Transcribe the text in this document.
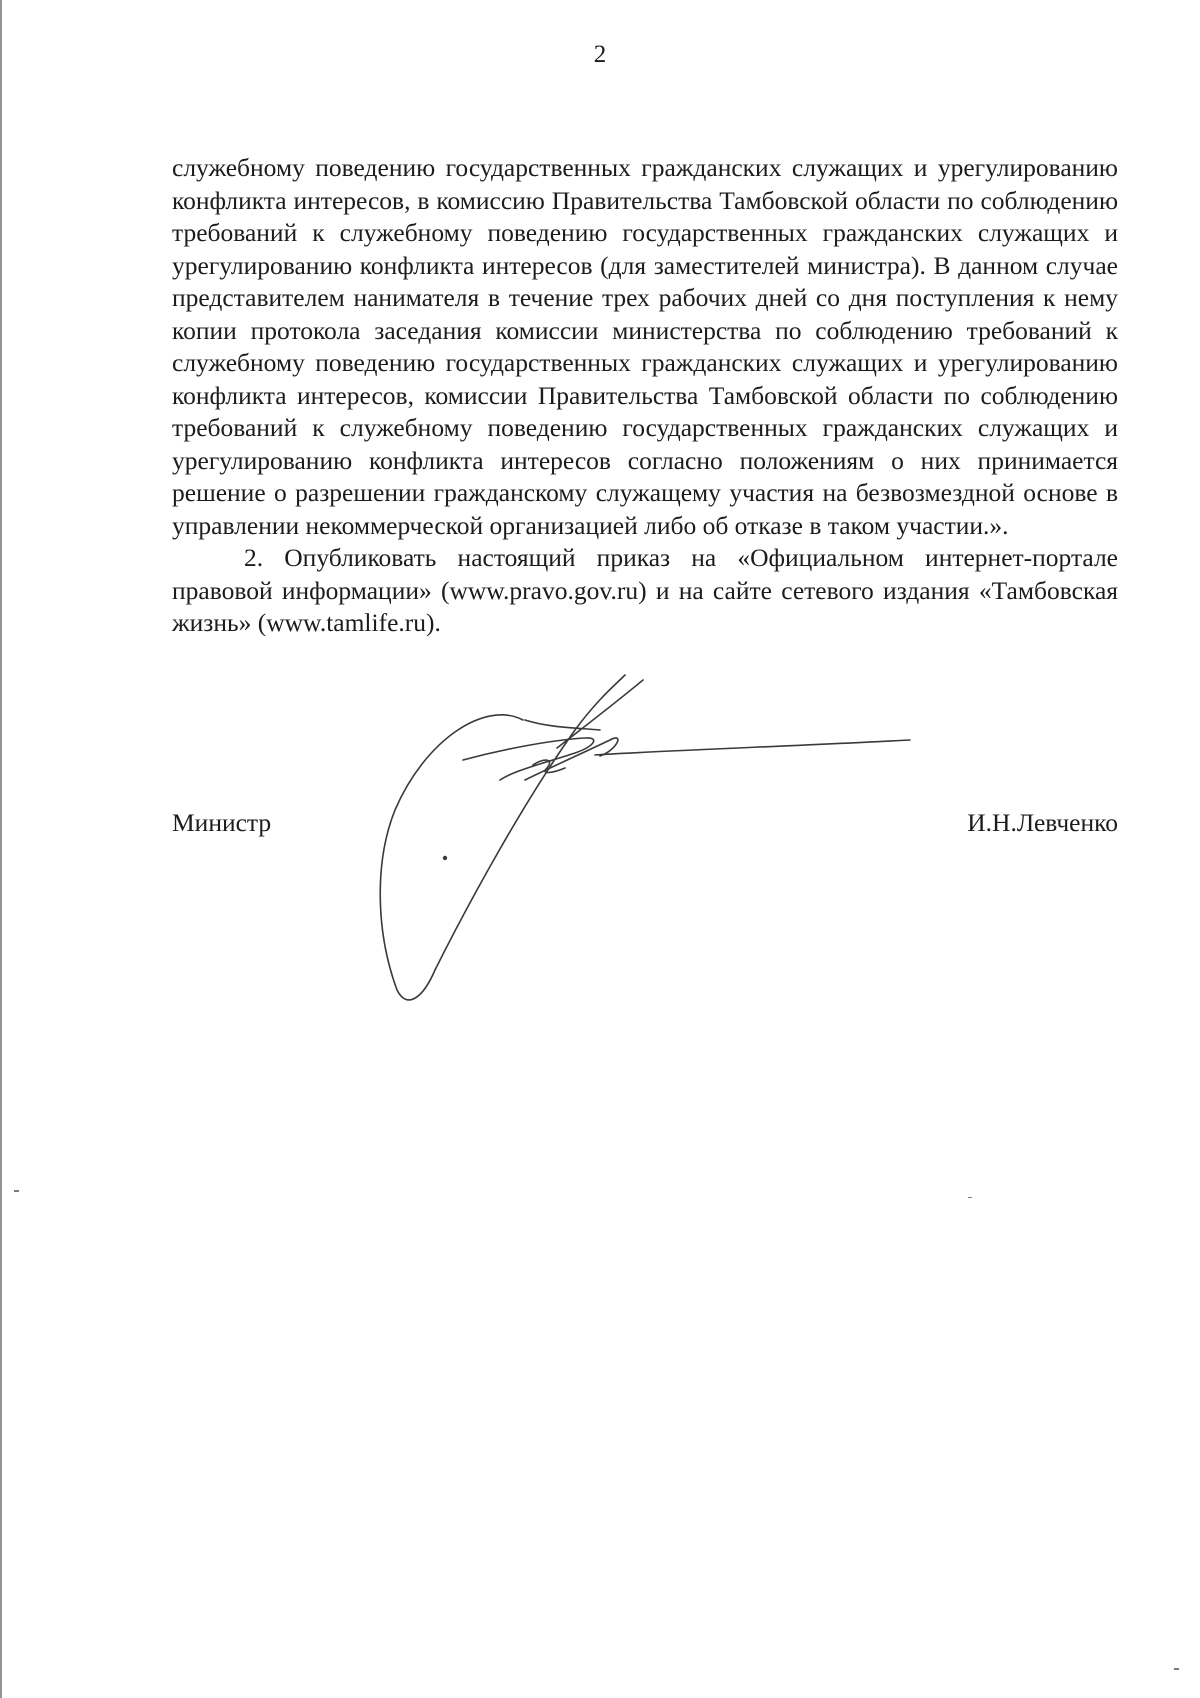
2

служебному поведению государственных гражданских служащих и урегулированию конфликта интересов, в комиссию Правительства Тамбовской области по соблюдению требований к служебному поведению государственных гражданских служащих и урегулированию конфликта интересов (для заместителей министра). В данном случае представителем нанимателя в течение трех рабочих дней со дня поступления к нему копии протокола заседания комиссии министерства по соблюдению требований к служебному поведению государственных гражданских служащих и урегулированию конфликта интересов, комиссии Правительства Тамбовской области по соблюдению требований к служебному поведению государственных гражданских служащих и урегулированию конфликта интересов согласно положениям о них принимается решение о разрешении гражданскому служащему участия на безвозмездной основе в управлении некоммерческой организацией либо об отказе в таком участии.».

2. Опубликовать настоящий приказ на «Официальном интернет-портале правовой информации» (www.pravo.gov.ru) и на сайте сетевого издания «Тамбовская жизнь» (www.tamlife.ru).

Министр	И.Н.Левченко
